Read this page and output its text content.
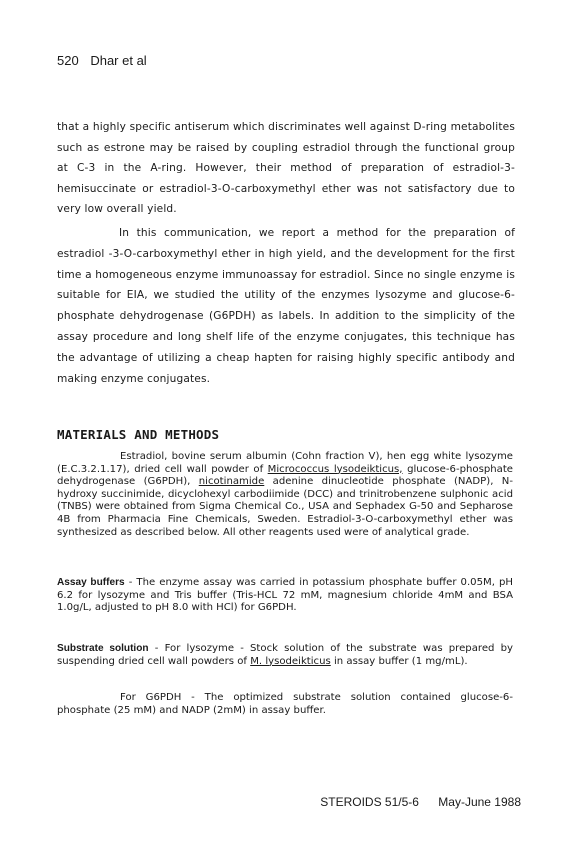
520 Dhar et al

that a highly specific antiserum which discriminates well against D-ring metabolites such as estrone may be raised by coupling estradiol through the functional group at C-3 in the A-ring. However, their method of preparation of estradiol-3-hemisuccinate or estradiol-3-O-carboxymethyl ether was not satisfactory due to very low overall yield.

In this communication, we report a method for the preparation of estradiol -3-O-carboxymethyl ether in high yield, and the development for the first time a homogeneous enzyme immunoassay for estradiol. Since no single enzyme is suitable for EIA, we studied the utility of the enzymes lysozyme and glucose-6-phosphate dehydrogenase (G6PDH) as labels. In addition to the simplicity of the assay procedure and long shelf life of the enzyme conjugates, this technique has the advantage of utilizing a cheap hapten for raising highly specific antibody and making enzyme conjugates.

MATERIALS AND METHODS

Estradiol, bovine serum albumin (Cohn fraction V), hen egg white lysozyme (E.C.3.2.1.17), dried cell wall powder of Micrococcus lysodeikticus, glucose-6-phosphate dehydrogenase (G6PDH), nicotinamide adenine dinucleotide phosphate (NADP), N-hydroxy succinimide, dicyclohexyl carbodiimide (DCC) and trinitrobenzene sulphonic acid (TNBS) were obtained from Sigma Chemical Co., USA and Sephadex G-50 and Sepharose 4B from Pharmacia Fine Chemicals, Sweden. Estradiol-3-O-carboxymethyl ether was synthesized as described below. All other reagents used were of analytical grade.

Assay buffers - The enzyme assay was carried in potassium phosphate buffer 0.05M, pH 6.2 for lysozyme and Tris buffer (Tris-HCL 72 mM, magnesium chloride 4mM and BSA 1.0g/L, adjusted to pH 8.0 with HCl) for G6PDH.

Substrate solution - For lysozyme - Stock solution of the substrate was prepared by suspending dried cell wall powders of M. lysodeikticus in assay buffer (1 mg/mL).

For G6PDH - The optimized substrate solution contained glucose-6-phosphate (25 mM) and NADP (2mM) in assay buffer.

STEROIDS 51/5-6 May-June 1988
